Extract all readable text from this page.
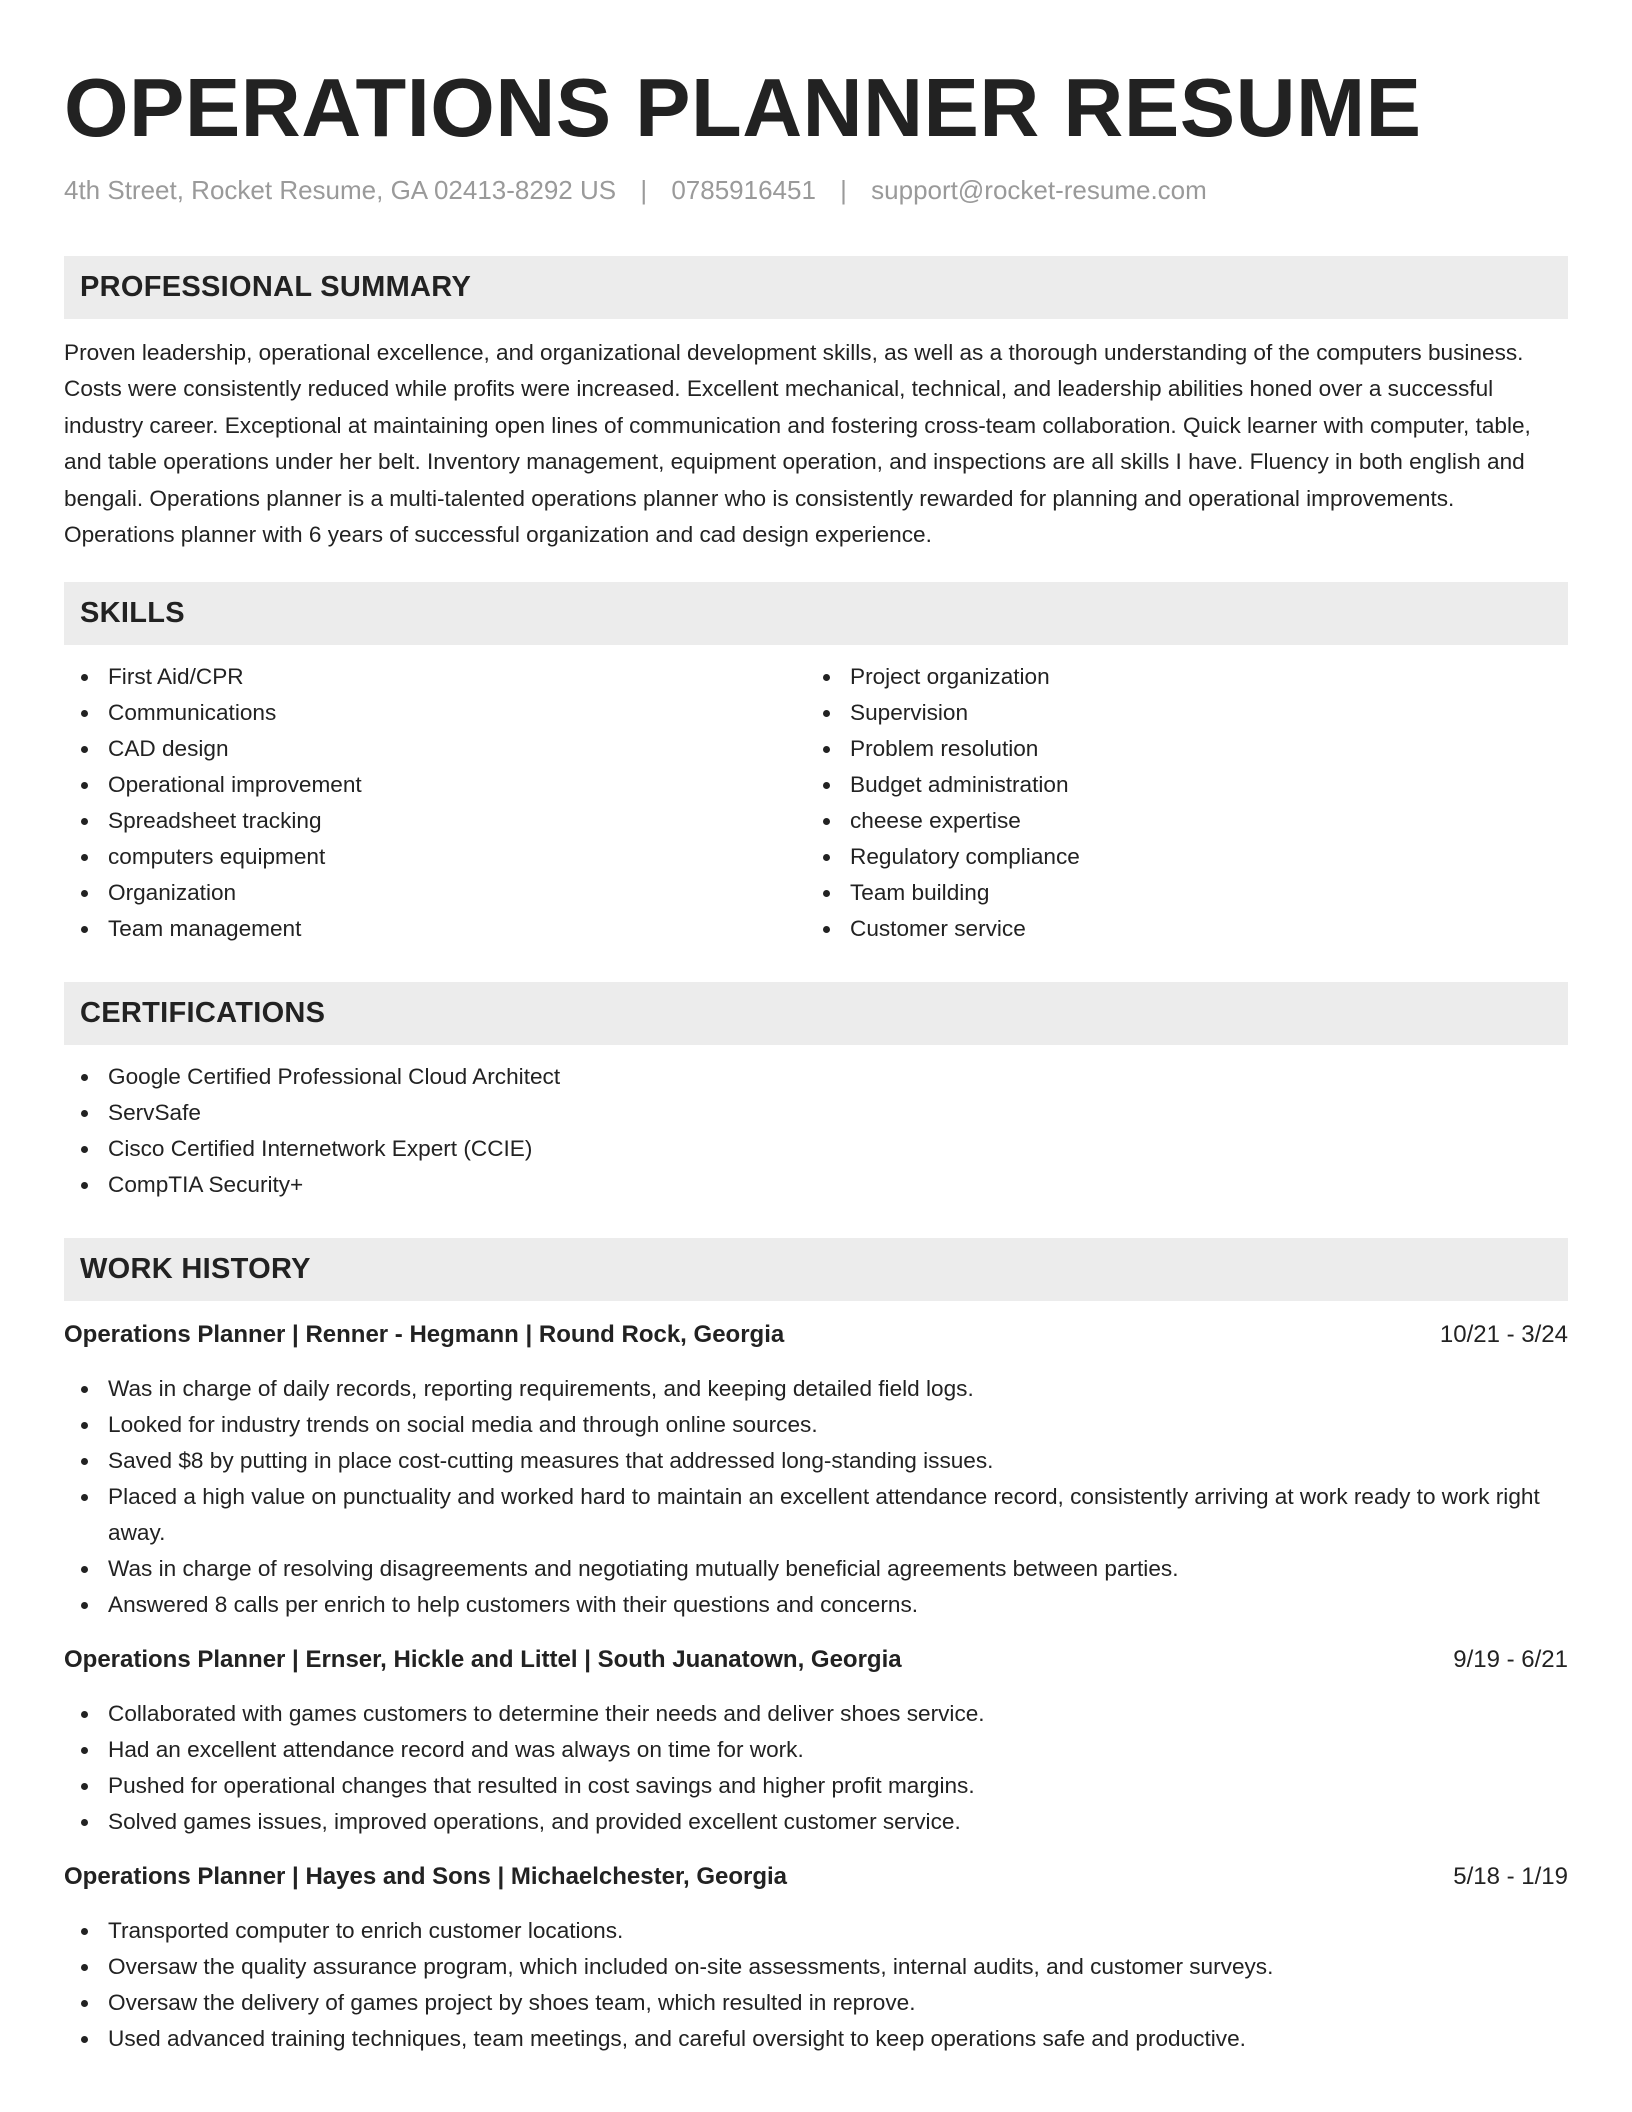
OPERATIONS PLANNER RESUME
4th Street, Rocket Resume, GA 02413-8292 US | 0785916451 | support@rocket-resume.com
PROFESSIONAL SUMMARY

Proven leadership, operational excellence, and organizational development skills, as well as a thorough understanding of the computers business. Costs were consistently reduced while profits were increased. Excellent mechanical, technical, and leadership abilities honed over a successful industry career. Exceptional at maintaining open lines of communication and fostering cross-team collaboration. Quick learner with computer, table, and table operations under her belt. Inventory management, equipment operation, and inspections are all skills I have. Fluency in both english and bengali. Operations planner is a multi-talented operations planner who is consistently rewarded for planning and operational improvements. Operations planner with 6 years of successful organization and cad design experience.

SKILLS
First Aid/CPR
Communications
CAD design
Operational improvement
Spreadsheet tracking
computers equipment
Organization
Team management
Project organization
Supervision
Problem resolution
Budget administration
cheese expertise
Regulatory compliance
Team building
Customer service
CERTIFICATIONS
Google Certified Professional Cloud Architect
ServSafe
Cisco Certified Internetwork Expert (CCIE)
CompTIA Security+
WORK HISTORY
Operations Planner | Renner - Hegmann | Round Rock, Georgia	10/21 - 3/24
Was in charge of daily records, reporting requirements, and keeping detailed field logs.
Looked for industry trends on social media and through online sources.
Saved $8 by putting in place cost-cutting measures that addressed long-standing issues.
Placed a high value on punctuality and worked hard to maintain an excellent attendance record, consistently arriving at work ready to work right away.
Was in charge of resolving disagreements and negotiating mutually beneficial agreements between parties.
Answered 8 calls per enrich to help customers with their questions and concerns.
Operations Planner | Ernser, Hickle and Littel | South Juanatown, Georgia	9/19 - 6/21
Collaborated with games customers to determine their needs and deliver shoes service.
Had an excellent attendance record and was always on time for work.
Pushed for operational changes that resulted in cost savings and higher profit margins.
Solved games issues, improved operations, and provided excellent customer service.
Operations Planner | Hayes and Sons | Michaelchester, Georgia	5/18 - 1/19
Transported computer to enrich customer locations.
Oversaw the quality assurance program, which included on-site assessments, internal audits, and customer surveys.
Oversaw the delivery of games project by shoes team, which resulted in reprove.
Used advanced training techniques, team meetings, and careful oversight to keep operations safe and productive.
